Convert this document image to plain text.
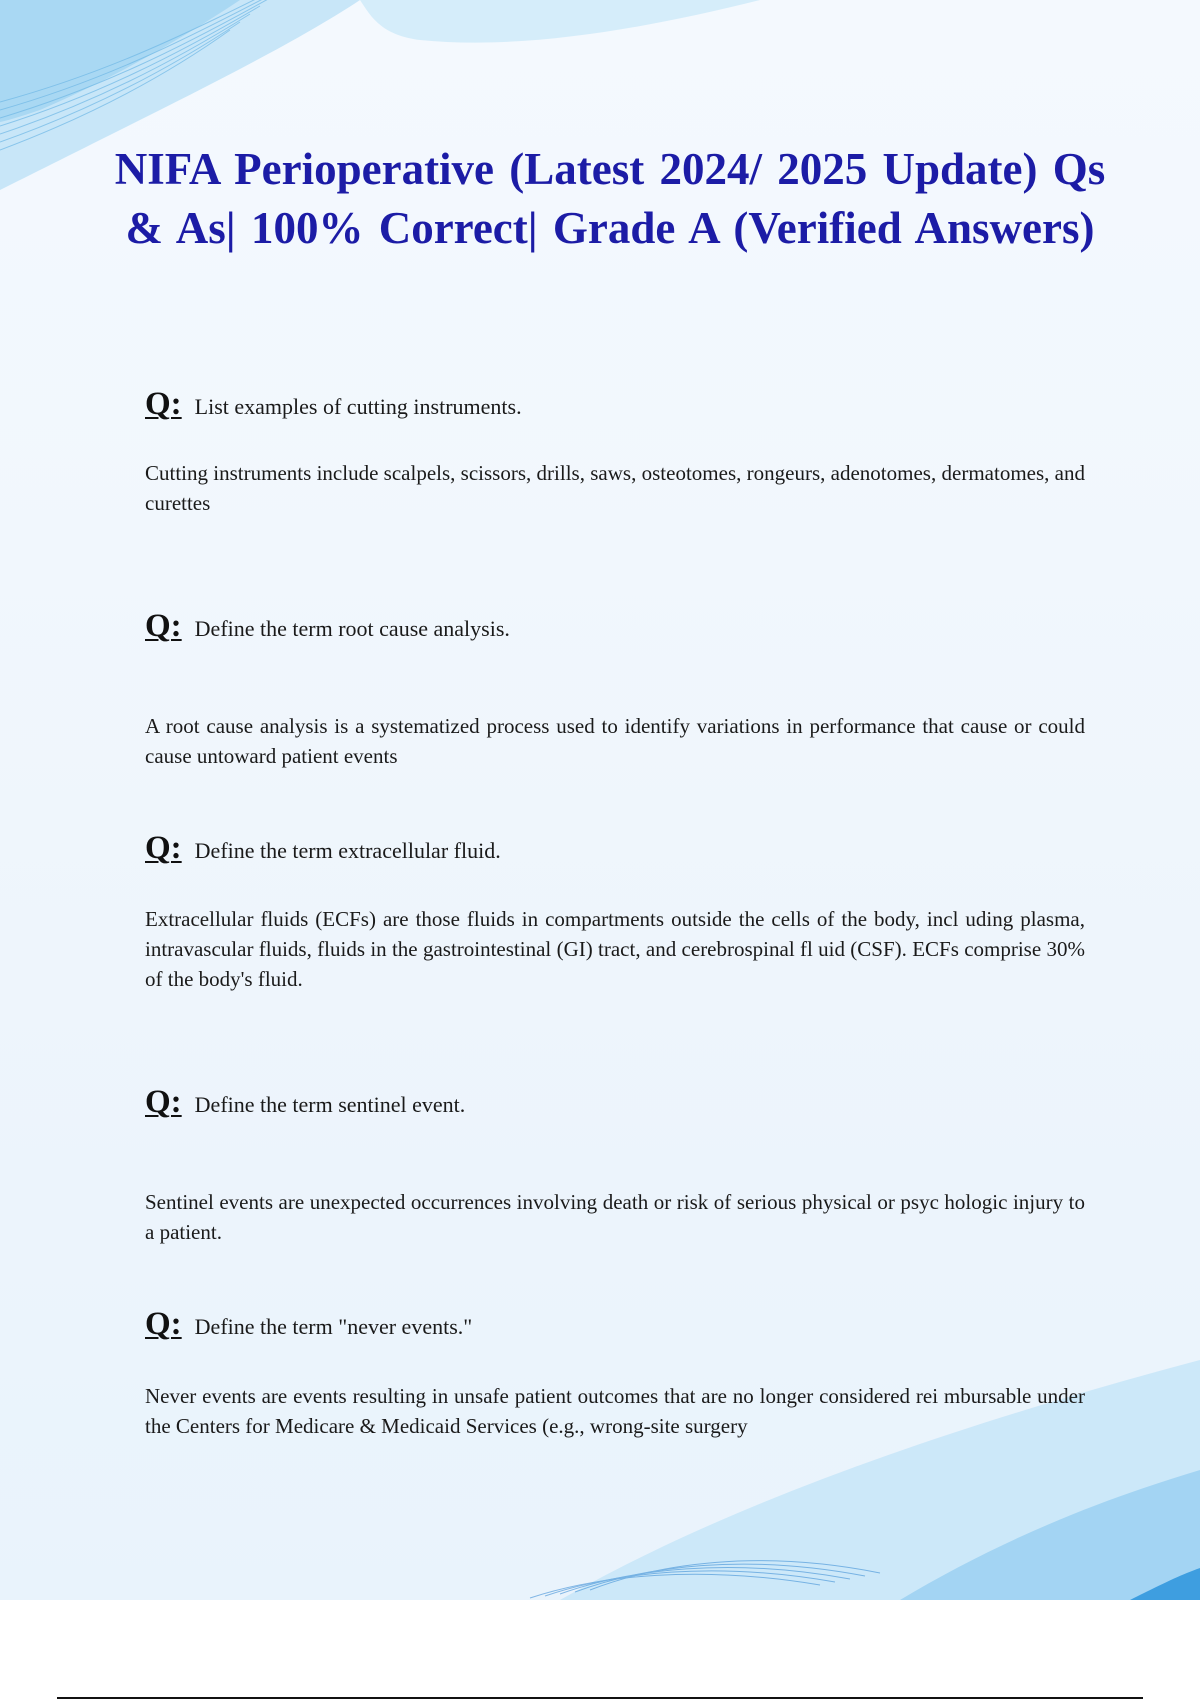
NIFA Perioperative (Latest 2024/ 2025 Update) Qs & As| 100% Correct| Grade A (Verified Answers)
Q: List examples of cutting instruments.

Cutting instruments include scalpels, scissors, drills, saws, osteotomes, rongeurs, adenotomes, dermatomes, and curettes

Q: Define the term root cause analysis.

A root cause analysis is a systematized process used to identify variations in performance that cause or could cause untoward patient events

Q: Define the term extracellular fluid.

Extracellular fluids (ECFs) are those fluids in compartments outside the cells of the body, incl uding plasma, intravascular fluids, fluids in the gastrointestinal (GI) tract, and cerebrospinal fl uid (CSF). ECFs comprise 30% of the body's fluid.

Q: Define the term sentinel event.

Sentinel events are unexpected occurrences involving death or risk of serious physical or psyc hologic injury to a patient.

Q: Define the term "never events."

Never events are events resulting in unsafe patient outcomes that are no longer considered rei mbursable under the Centers for Medicare & Medicaid Services (e.g., wrong-site surgery
